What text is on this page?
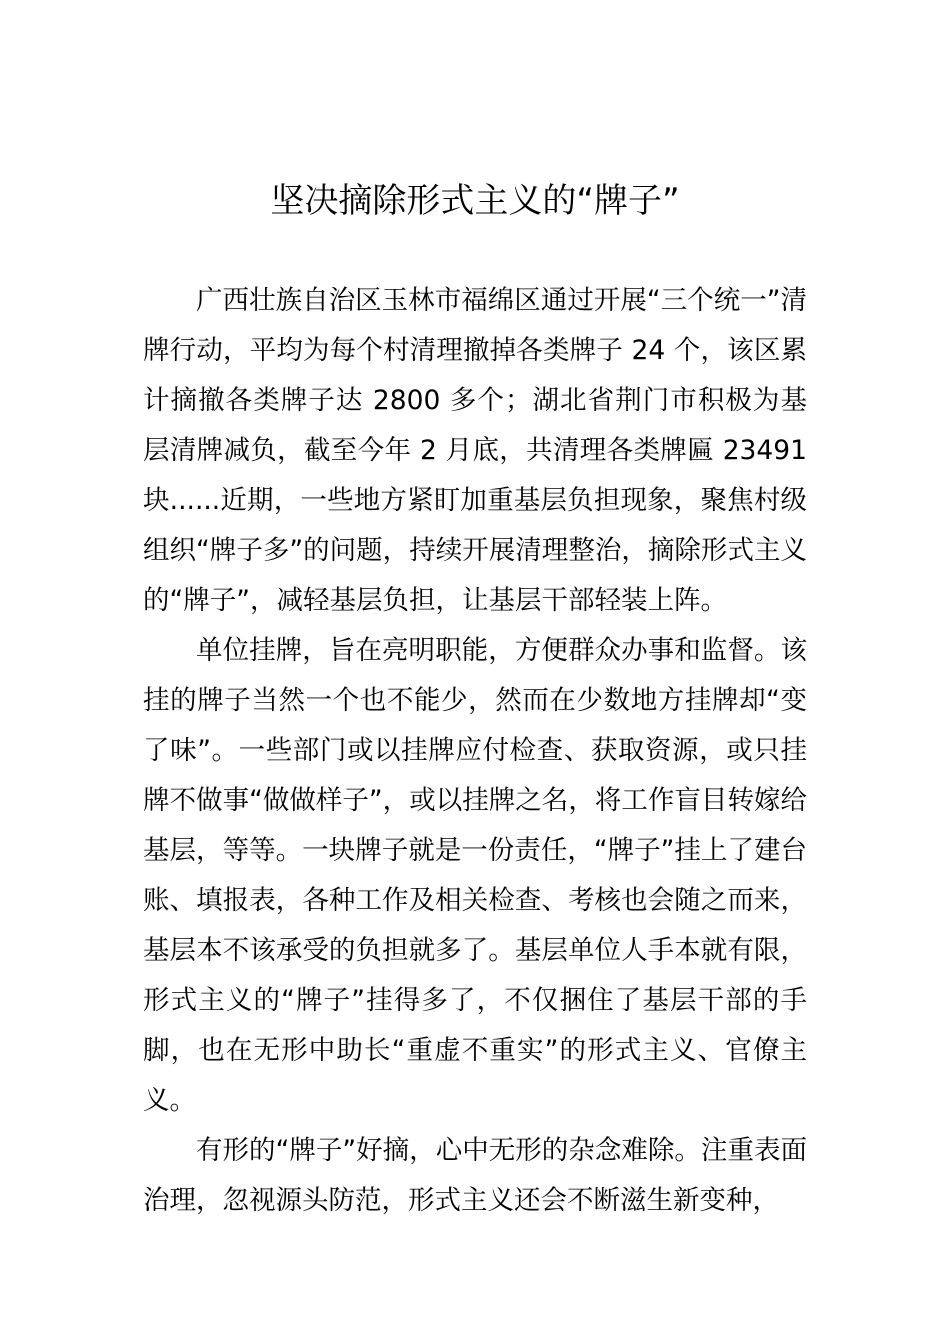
坚决摘除形式主义的“牌子”

广西壮族自治区玉林市福绵区通过开展“三个统一”清牌行动，平均为每个村清理撤掉各类牌子 24 个，该区累计摘撤各类牌子达 2800 多个；湖北省荆门市积极为基层清牌减负，截至今年 2 月底，共清理各类牌匾 23491 块......近期，一些地方紧盯加重基层负担现象，聚焦村级组织“牌子多”的问题，持续开展清理整治，摘除形式主义的“牌子”，减轻基层负担，让基层干部轻装上阵。

单位挂牌，旨在亮明职能，方便群众办事和监督。该挂的牌子当然一个也不能少，然而在少数地方挂牌却“变了味”。一些部门或以挂牌应付检查、获取资源，或只挂牌不做事“做做样子”，或以挂牌之名，将工作盲目转嫁给基层，等等。一块牌子就是一份责任，“牌子”挂上了建台账、填报表，各种工作及相关检查、考核也会随之而来，基层本不该承受的负担就多了。基层单位人手本就有限，形式主义的“牌子”挂得多了，不仅捆住了基层干部的手脚，也在无形中助长“重虚不重实”的形式主义、官僚主义。

有形的“牌子”好摘，心中无形的杂念难除。注重表面治理，忽视源头防范，形式主义还会不断滋生新变种，
